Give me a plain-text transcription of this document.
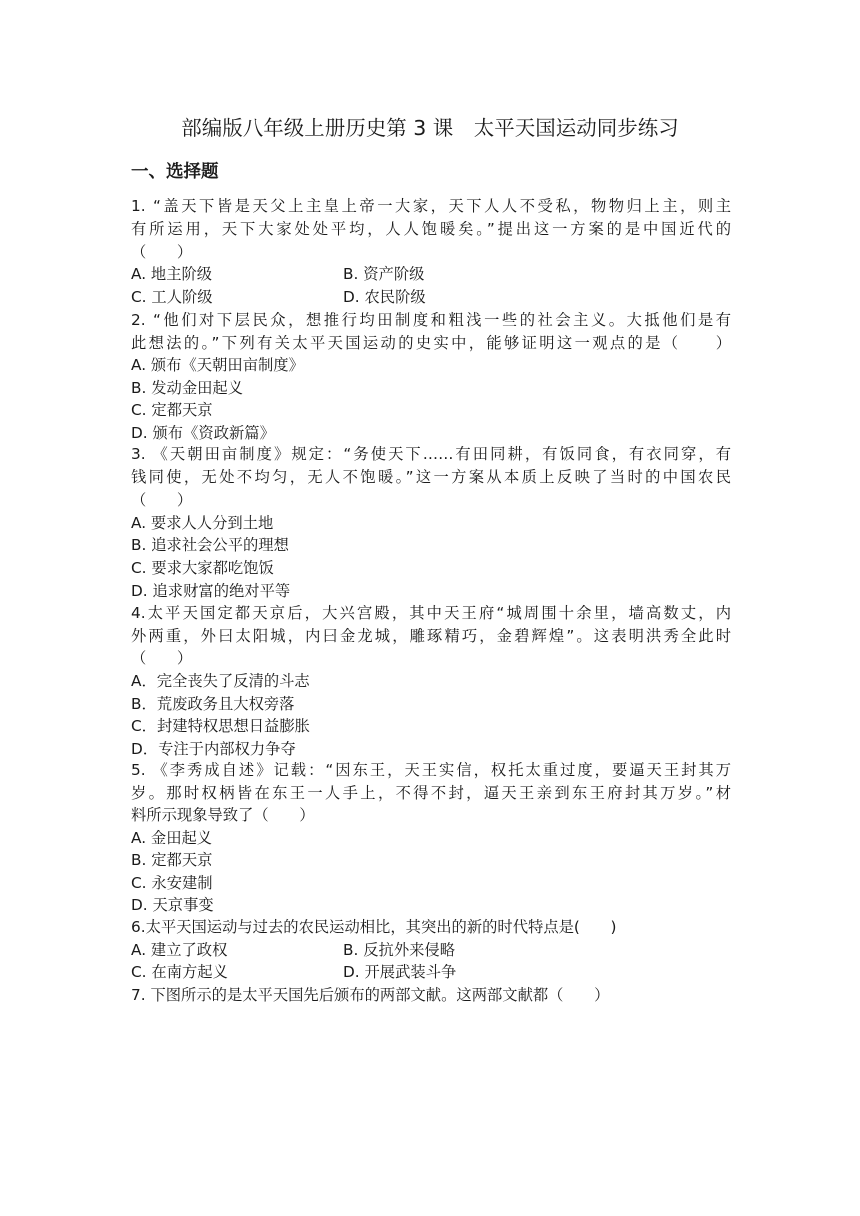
部编版八年级上册历史第 3 课　太平天国运动同步练习
一、选择题
1. “盖天下皆是天父上主皇上帝一大家，天下人人不受私，物物归上主，则主
有所运用，天下大家处处平均，人人饱暖矣。”提出这一方案的是中国近代的
（　　）
A. 地主阶级	B. 资产阶级
C. 工人阶级	D. 农民阶级
2. “他们对下层民众，想推行均田制度和粗浅一些的社会主义。大抵他们是有
此想法的。”下列有关太平天国运动的史实中，能够证明这一观点的是（　　）
A. 颁布《天朝田亩制度》
B. 发动金田起义
C. 定都天京
D. 颁布《资政新篇》
3. 《天朝田亩制度》规定：“务使天下……有田同耕，有饭同食，有衣同穿，有
钱同使，无处不均匀，无人不饱暖。”这一方案从本质上反映了当时的中国农民
（　　）
A. 要求人人分到土地
B. 追求社会公平的理想
C. 要求大家都吃饱饭
D. 追求财富的绝对平等
4.太平天国定都天京后，大兴宫殿，其中天王府“城周围十余里，墙高数丈，内
外两重，外曰太阳城，内曰金龙城，雕琢精巧，金碧辉煌”。这表明洪秀全此时
（　　）
A．完全丧失了反清的斗志
B．荒废政务且大权旁落
C．封建特权思想日益膨胀
D．专注于内部权力争夺
5. 《李秀成自述》记载：“因东王，天王实信，权托太重过度，要逼天王封其万
岁。那时权柄皆在东王一人手上，不得不封，逼天王亲到东王府封其万岁。”材
料所示现象导致了（　　）
A. 金田起义
B. 定都天京
C. 永安建制
D. 天京事变
6.太平天国运动与过去的农民运动相比，其突出的新的时代特点是(　　)
A. 建立了政权	B. 反抗外来侵略
C. 在南方起义	D. 开展武装斗争
7. 下图所示的是太平天国先后颁布的两部文献。这两部文献都（　　）
